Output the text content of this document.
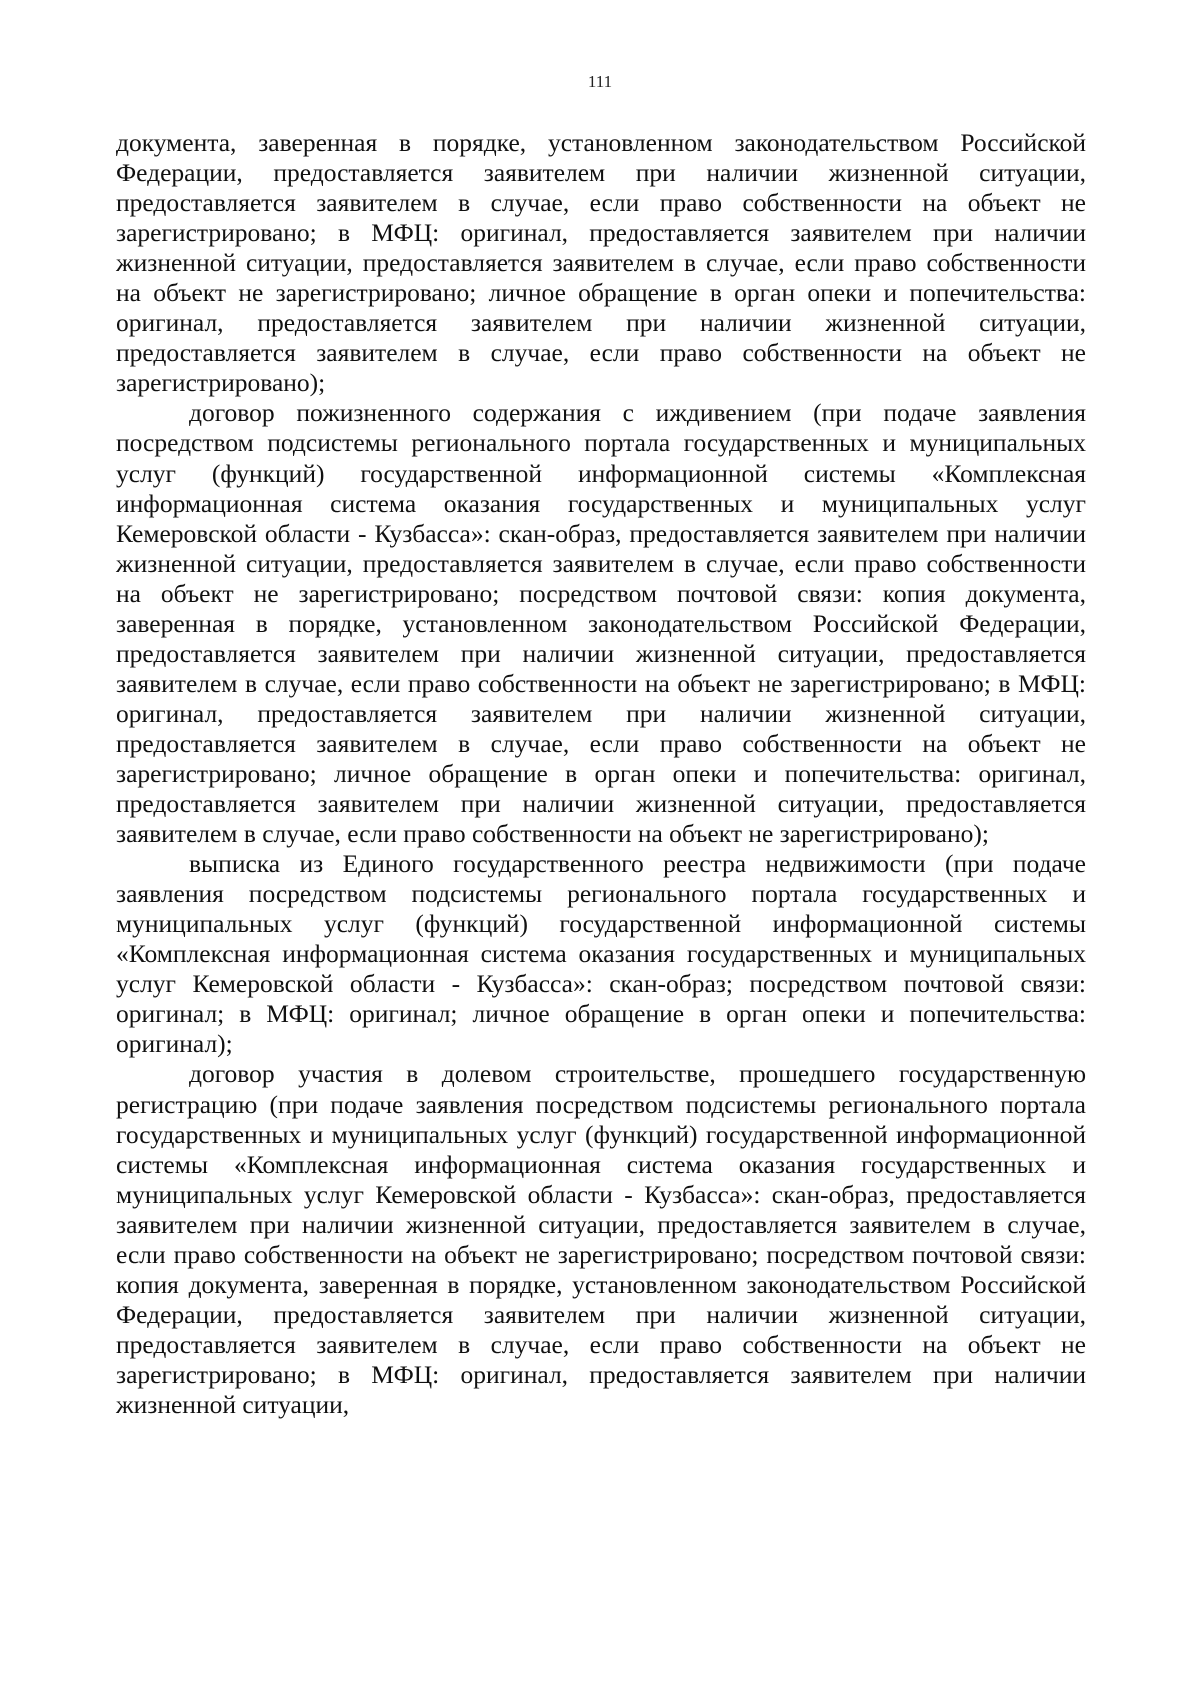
111

документа, заверенная в порядке, установленном законодательством Российской Федерации, предоставляется заявителем при наличии жизненной ситуации, предоставляется заявителем в случае, если право собственности на объект не зарегистрировано; в МФЦ: оригинал, предоставляется заявителем при наличии жизненной ситуации, предоставляется заявителем в случае, если право собственности на объект не зарегистрировано; личное обращение в орган опеки и попечительства: оригинал, предоставляется заявителем при наличии жизненной ситуации, предоставляется заявителем в случае, если право собственности на объект не зарегистрировано);

договор пожизненного содержания с иждивением (при подаче заявления посредством подсистемы регионального портала государственных и муниципальных услуг (функций) государственной информационной системы «Комплексная информационная система оказания государственных и муниципальных услуг Кемеровской области - Кузбасса»: скан-образ, предоставляется заявителем при наличии жизненной ситуации, предоставляется заявителем в случае, если право собственности на объект не зарегистрировано; посредством почтовой связи: копия документа, заверенная в порядке, установленном законодательством Российской Федерации, предоставляется заявителем при наличии жизненной ситуации, предоставляется заявителем в случае, если право собственности на объект не зарегистрировано; в МФЦ: оригинал, предоставляется заявителем при наличии жизненной ситуации, предоставляется заявителем в случае, если право собственности на объект не зарегистрировано; личное обращение в орган опеки и попечительства: оригинал, предоставляется заявителем при наличии жизненной ситуации, предоставляется заявителем в случае, если право собственности на объект не зарегистрировано);

выписка из Единого государственного реестра недвижимости (при подаче заявления посредством подсистемы регионального портала государственных и муниципальных услуг (функций) государственной информационной системы «Комплексная информационная система оказания государственных и муниципальных услуг Кемеровской области - Кузбасса»: скан-образ; посредством почтовой связи: оригинал; в МФЦ: оригинал; личное обращение в орган опеки и попечительства: оригинал);

договор участия в долевом строительстве, прошедшего государственную регистрацию (при подаче заявления посредством подсистемы регионального портала государственных и муниципальных услуг (функций) государственной информационной системы «Комплексная информационная система оказания государственных и муниципальных услуг Кемеровской области - Кузбасса»: скан-образ, предоставляется заявителем при наличии жизненной ситуации, предоставляется заявителем в случае, если право собственности на объект не зарегистрировано; посредством почтовой связи: копия документа, заверенная в порядке, установленном законодательством Российской Федерации, предоставляется заявителем при наличии жизненной ситуации, предоставляется заявителем в случае, если право собственности на объект не зарегистрировано; в МФЦ: оригинал, предоставляется заявителем при наличии жизненной ситуации,
